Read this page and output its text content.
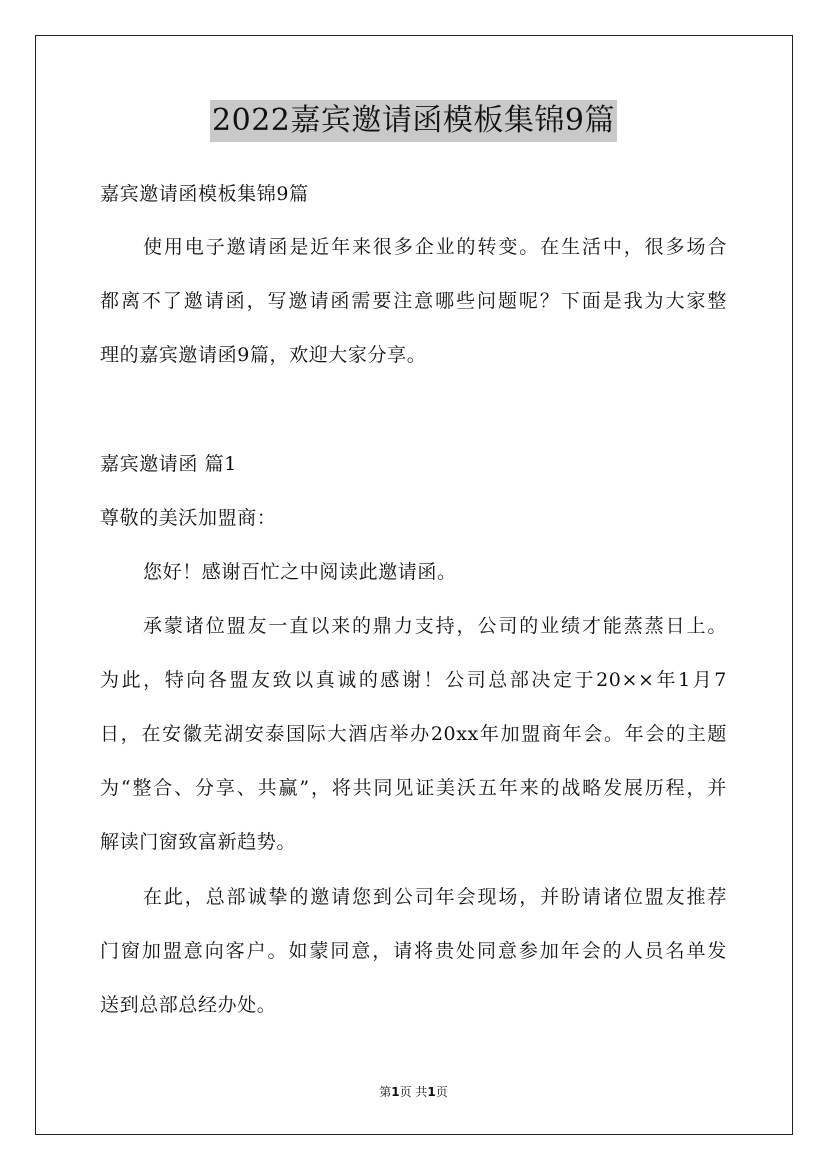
2022嘉宾邀请函模板集锦9篇
嘉宾邀请函模板集锦9篇
使用电子邀请函是近年来很多企业的转变。在生活中，很多场合
都离不了邀请函，写邀请函需要注意哪些问题呢？下面是我为大家整
理的嘉宾邀请函9篇，欢迎大家分享。
嘉宾邀请函 篇1
尊敬的美沃加盟商：
您好！感谢百忙之中阅读此邀请函。
承蒙诸位盟友一直以来的鼎力支持，公司的业绩才能蒸蒸日上。
为此，特向各盟友致以真诚的感谢！公司总部决定于20××年1月7
日，在安徽芜湖安泰国际大酒店举办20xx年加盟商年会。年会的主题
为“整合、分享、共赢”，将共同见证美沃五年来的战略发展历程，并
解读门窗致富新趋势。
在此，总部诚挚的邀请您到公司年会现场，并盼请诸位盟友推荐
门窗加盟意向客户。如蒙同意，请将贵处同意参加年会的人员名单发
送到总部总经办处。
第1页 共1页
